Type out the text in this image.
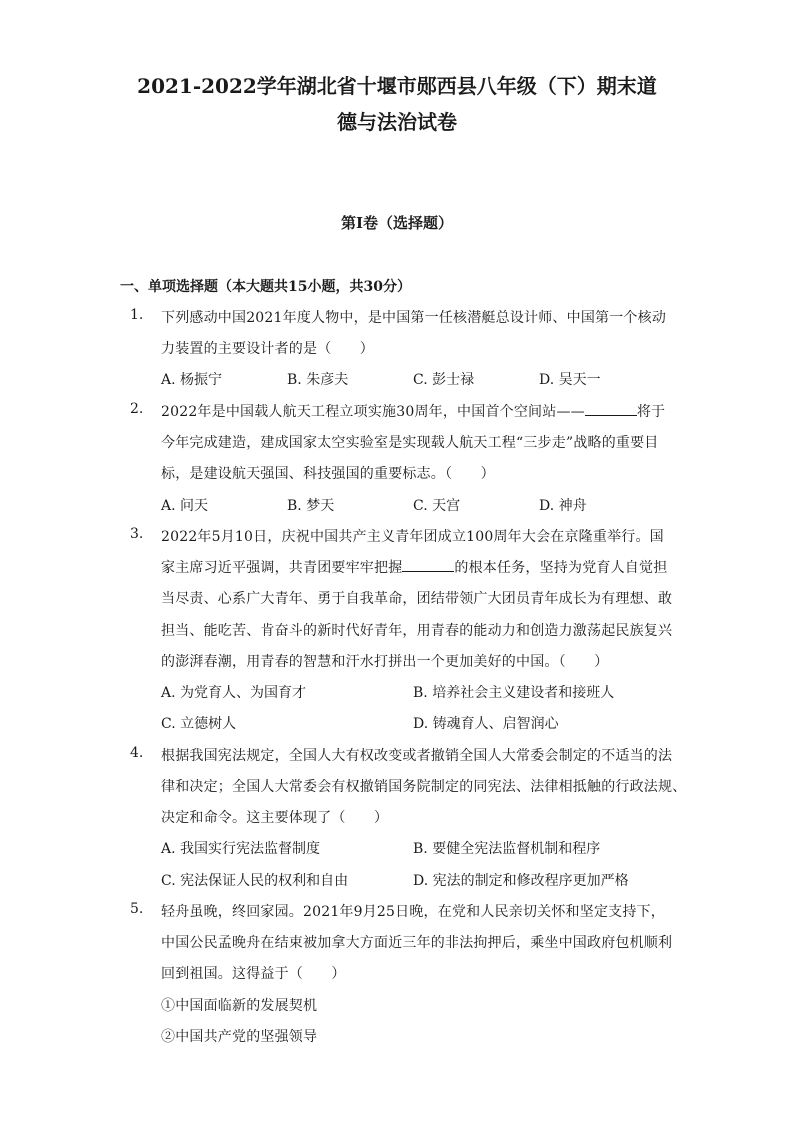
2021-2022学年湖北省十堰市郧西县八年级（下）期末道
德与法治试卷
第I卷（选择题）
一、单项选择题（本大题共15小题，共30分）
1. 下列感动中国2021年度人物中，是中国第一任核潜艇总设计师、中国第一个核动
力装置的主要设计者的是（　　）
A. 杨振宁	B. 朱彦夫	C. 彭士禄	D. 吴天一
2. 2022年是中国载人航天工程立项实施30周年，中国首个空间站——	将于
今年完成建造，建成国家太空实验室是实现载人航天工程“三步走”战略的重要目
标，是建设航天强国、科技强国的重要标志。（　　）
A. 问天	B. 梦天	C. 天宫	D. 神舟
3. 2022年5月10日，庆祝中国共产主义青年团成立100周年大会在京隆重举行。国
家主席习近平强调，共青团要牢牢把握	的根本任务，坚持为党育人自觉担
当尽责、心系广大青年、勇于自我革命，团结带领广大团员青年成长为有理想、敢
担当、能吃苦、肯奋斗的新时代好青年，用青春的能动力和创造力激荡起民族复兴
的澎湃春潮，用青春的智慧和汗水打拼出一个更加美好的中国。（　　）
A. 为党育人、为国育才	B. 培养社会主义建设者和接班人
C. 立德树人	D. 铸魂育人、启智润心
4. 根据我国宪法规定，全国人大有权改变或者撤销全国人大常委会制定的不适当的法
律和决定；全国人大常委会有权撤销国务院制定的同宪法、法律相抵触的行政法规、
决定和命令。这主要体现了（　　）
A. 我国实行宪法监督制度	B. 要健全宪法监督机制和程序
C. 宪法保证人民的权利和自由	D. 宪法的制定和修改程序更加严格
5. 轻舟虽晚，终回家园。2021年9月25日晚，在党和人民亲切关怀和坚定支持下，
中国公民孟晚舟在结束被加拿大方面近三年的非法拘押后，乘坐中国政府包机顺利
回到祖国。这得益于（　　）
①中国面临新的发展契机
②中国共产党的坚强领导
